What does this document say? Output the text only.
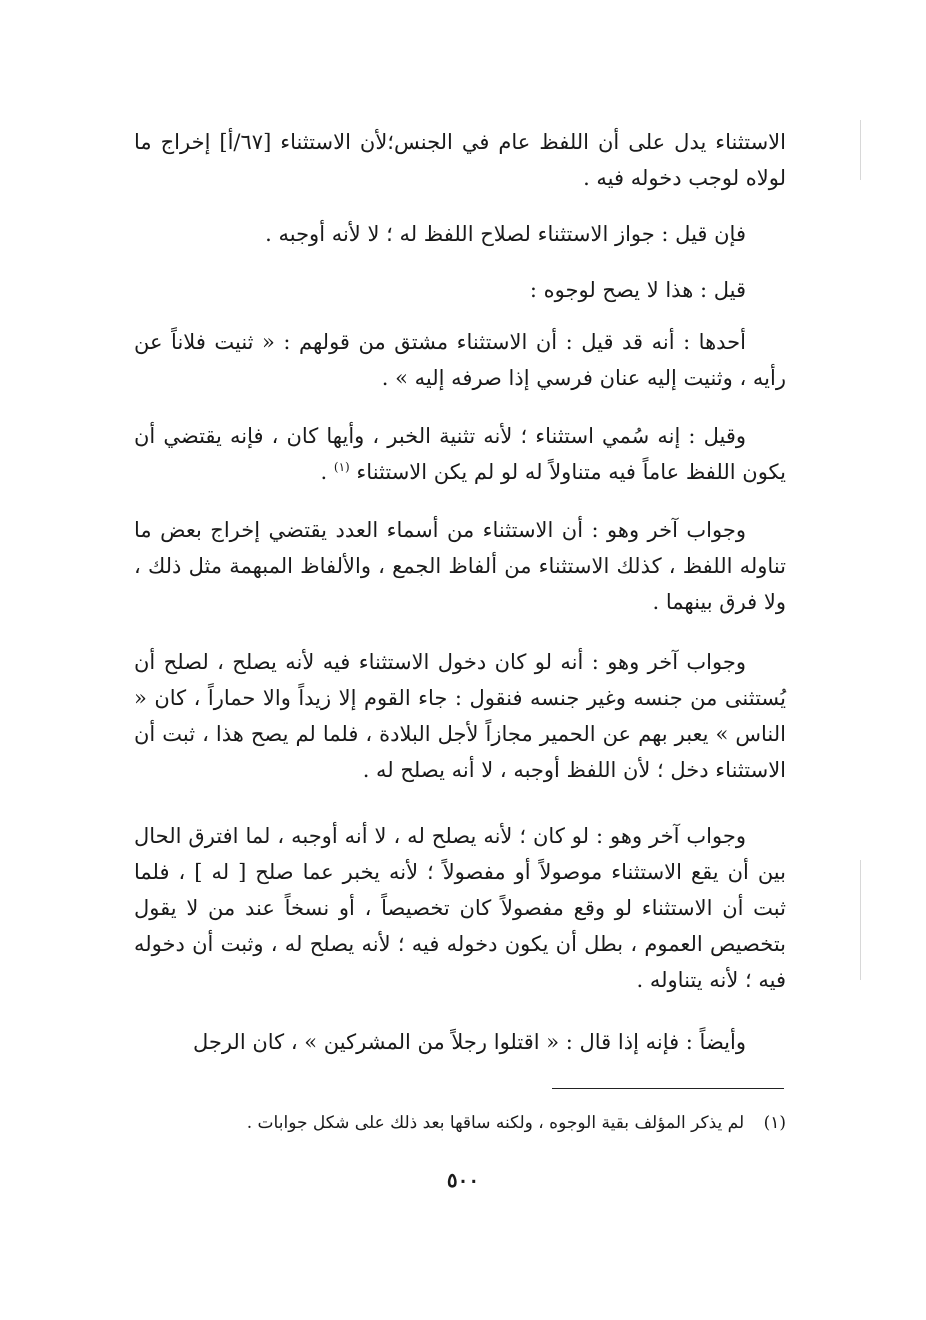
الاستثناء يدل على أن اللفظ عام في الجنس؛لأن الاستثناء [٦٧/أ] إخراج ما لولاه لوجب دخوله فيه .

فإن قيل : جواز الاستثناء لصلاح اللفظ له ؛ لا لأنه أوجبه .

قيل : هذا لا يصح لوجوه :

أحدها : أنه قد قيل : أن الاستثناء مشتق من قولهم : « ثنيت فلاناً عن رأيه ، وثنيت إليه عنان فرسي إذا صرفه إليه » .

وقيل : إنه سُمي استثناء ؛ لأنه تثنية الخبر ، وأيها كان ، فإنه يقتضي أن يكون اللفظ عاماً فيه متناولاً له لو لم يكن الاستثناء $^{(١)}$ .

وجواب آخر وهو : أن الاستثناء من أسماء العدد يقتضي إخراج بعض ما تناوله اللفظ ، كذلك الاستثناء من ألفاظ الجمع ، والألفاظ المبهمة مثل ذلك ، ولا فرق بينهما .

وجواب آخر وهو : أنه لو كان دخول الاستثناء فيه لأنه يصلح ، لصلح أن يُستثنى من جنسه وغير جنسه فنقول : جاء القوم إلا زيداً والا حماراً ، كان « الناس » يعبر بهم عن الحمير مجازاً لأجل البلادة ، فلما لم يصح هذا ، ثبت أن الاستثناء دخل ؛ لأن اللفظ أوجبه ، لا أنه يصلح له .

وجواب آخر وهو : لو كان ؛ لأنه يصلح له ، لا أنه أوجبه ، لما افترق الحال بين أن يقع الاستثناء موصولاً أو مفصولاً ؛ لأنه يخبر عما صلح [ له ] ، فلما ثبت أن الاستثناء لو وقع مفصولاً كان تخصيصاً ، أو نسخاً عند من لا يقول بتخصيص العموم ، بطل أن يكون دخوله فيه ؛ لأنه يصلح له ، وثبت أن دخوله فيه ؛ لأنه يتناوله .

وأيضاً : فإنه إذا قال : « اقتلوا رجلاً من المشركين » ، كان الرجل

(١) لم يذكر المؤلف بقية الوجوه ، ولكنه ساقها بعد ذلك على شكل جوابات .
٥٠٠
